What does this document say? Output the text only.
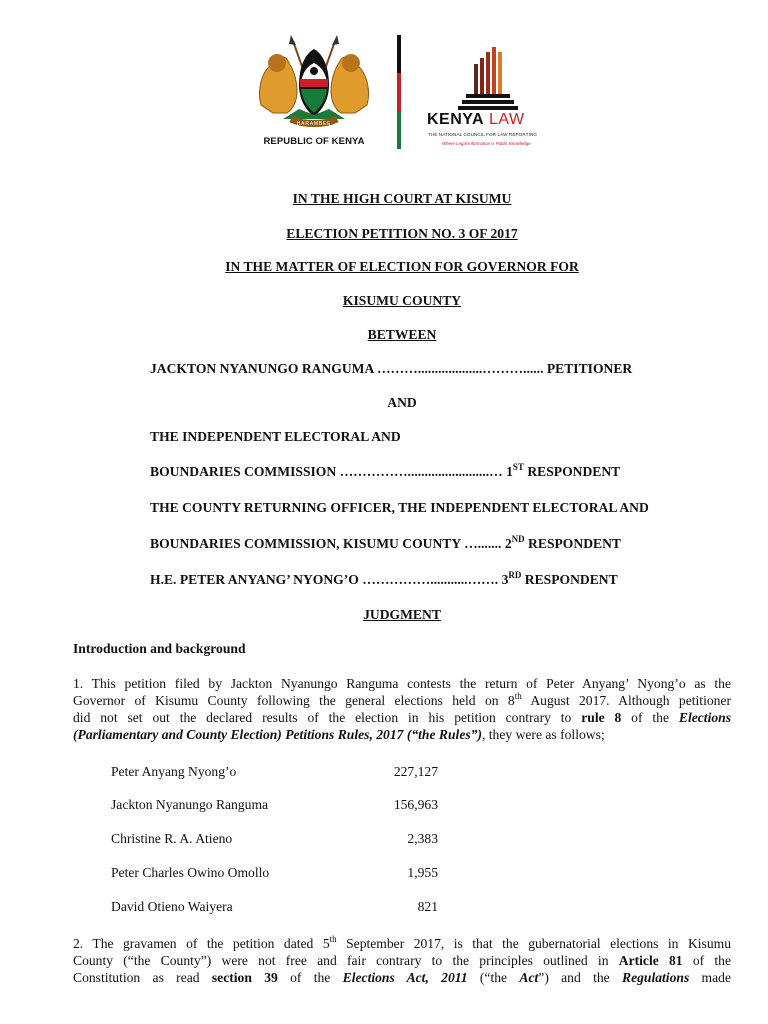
HARAMBEE
REPUBLIC OF KENYA
KENYA LAW
THE NATIONAL COUNCIL FOR LAW REPORTING
Where Legal Information is Public Knowledge
IN THE HIGH COURT AT KISUMU
ELECTION PETITION NO. 3 OF 2017
IN THE MATTER OF ELECTION FOR GOVERNOR FOR
KISUMU COUNTY
BETWEEN
JACKTON NYANUNGO RANGUMA ………...................………...... PETITIONER
AND
THE INDEPENDENT ELECTORAL AND
BOUNDARIES COMMISSION ……………........................… 1ST RESPONDENT
THE COUNTY RETURNING OFFICER, THE INDEPENDENT ELECTORAL AND
BOUNDARIES COMMISSION, KISUMU COUNTY …....... 2ND RESPONDENT
H.E. PETER ANYANG’ NYONG’O ……………...........……. 3RD RESPONDENT
JUDGMENT
Introduction and background
1. This petition filed by Jackton Nyanungo Ranguma contests the return of Peter Anyang’ Nyong’o as the
Governor of Kisumu County following the general elections held on 8th August 2017. Although petitioner
did not set out the declared results of the election in his petition contrary to rule 8 of the Elections
(Parliamentary and County Election) Petitions Rules, 2017 (“the Rules”), they were as follows;
Peter Anyang Nyong’o	227,127
Jackton Nyanungo Ranguma	156,963
Christine R. A. Atieno	2,383
Peter Charles Owino Omollo	1,955
David Otieno Waiyera	821
2. The gravamen of the petition dated 5th September 2017, is that the gubernatorial elections in Kisumu
County (“the County”) were not free and fair contrary to the principles outlined in Article 81 of the
Constitution as read section 39 of the Elections Act, 2011 (“the Act”) and the Regulations made
